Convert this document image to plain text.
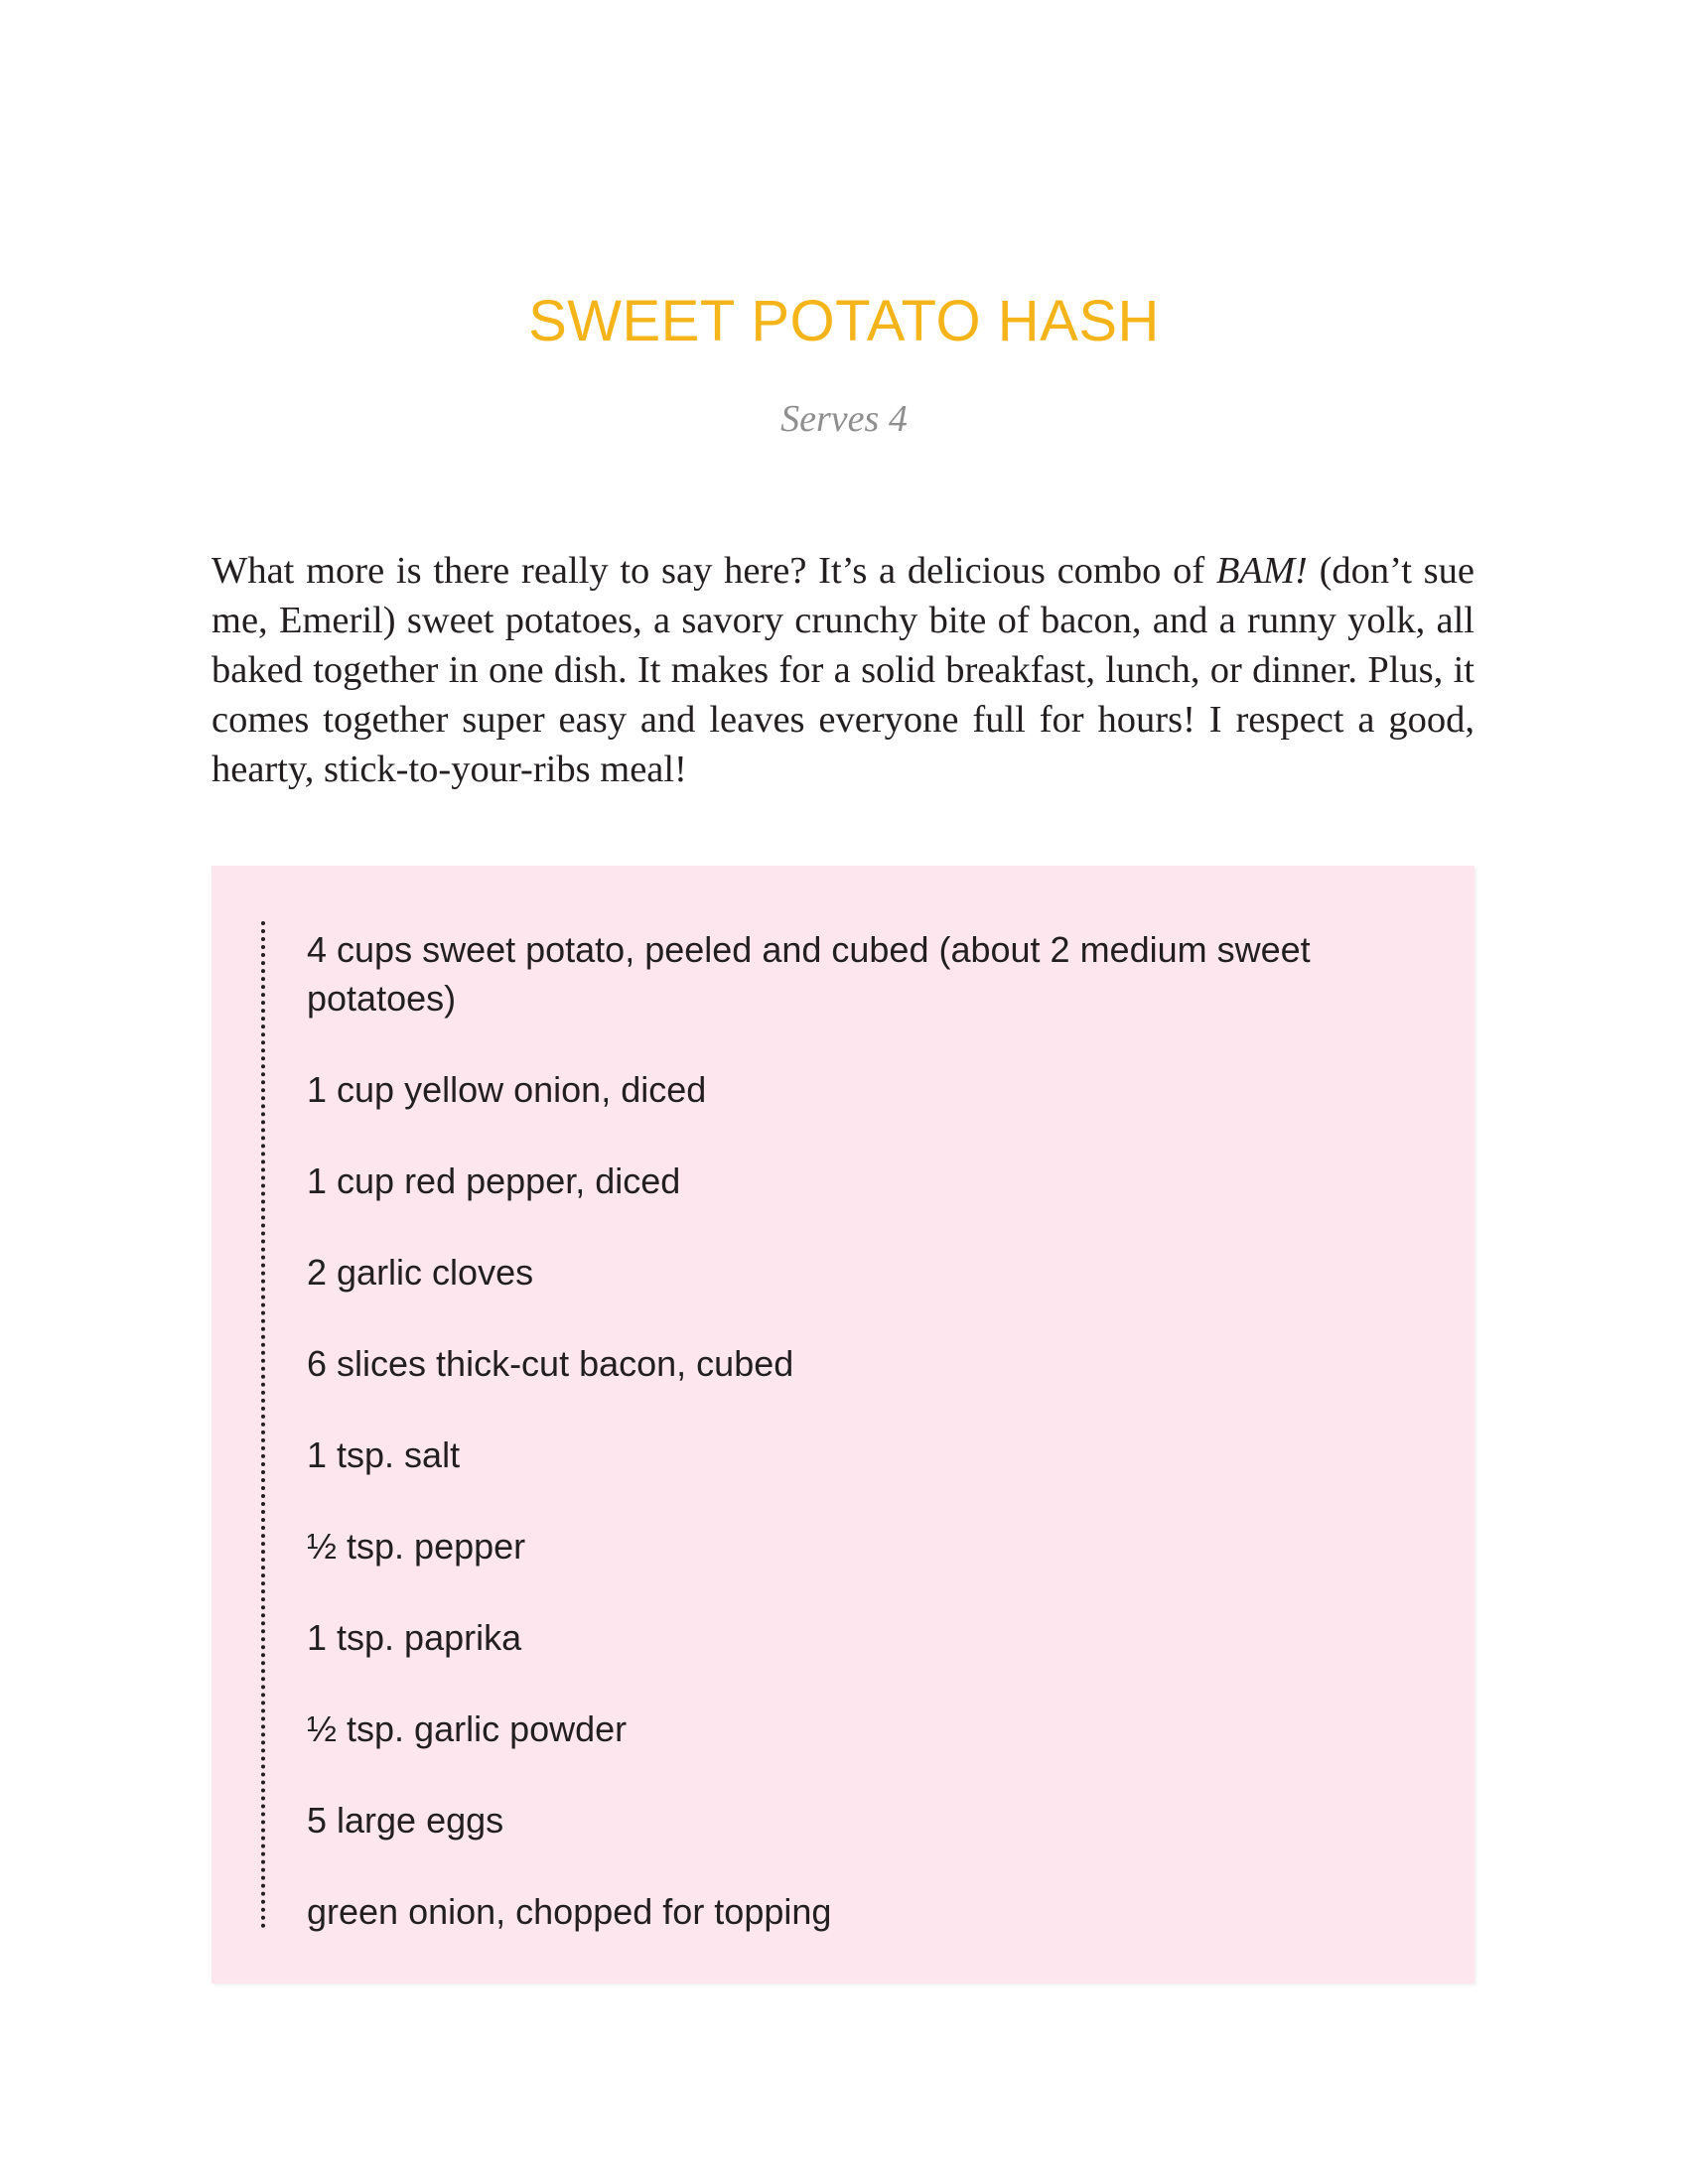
SWEET POTATO HASH

Serves 4

What more is there really to say here? It’s a delicious combo of BAM! (don’t sue me, Emeril) sweet potatoes, a savory crunchy bite of bacon, and a runny yolk, all baked together in one dish. It makes for a solid breakfast, lunch, or dinner. Plus, it comes together super easy and leaves everyone full for hours! I respect a good, hearty, stick-to-your-ribs meal!

4 cups sweet potato, peeled and cubed (about 2 medium sweet potatoes)
1 cup yellow onion, diced
1 cup red pepper, diced
2 garlic cloves
6 slices thick-cut bacon, cubed
1 tsp. salt
½ tsp. pepper
1 tsp. paprika
½ tsp. garlic powder
5 large eggs
green onion, chopped for topping
